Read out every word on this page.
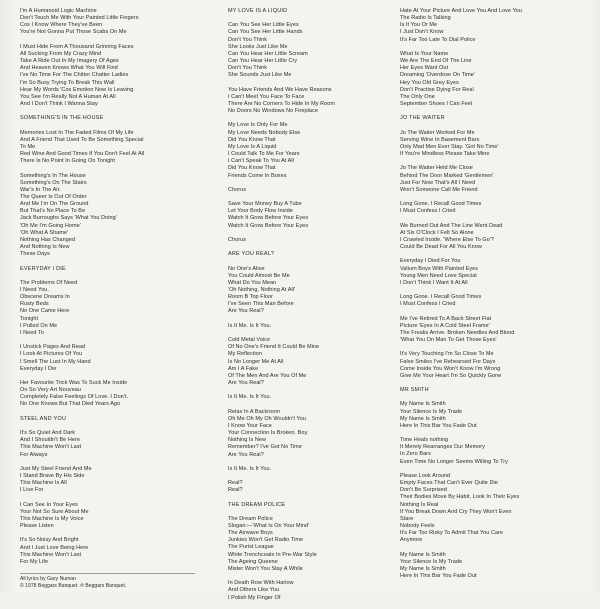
I'm A Humanoid Logic Machine
Don't Touch Me With Your Painted Little Fingers
Cos I Know Where They've Been
You're Not Gonna Put Those Scabs On Me
I Must Hide From A Thousand Grinning Faces
All Sucking From My Crazy Mind
Take A Ride Out In My Imagery Of Ages
And Heaven Knows What You Will Find
I've No Time For The Chitter Chatter Ladies
I'm So Busy Trying To Break This Wall
Hear My Words 'Cos Emotion Now Is Leaving
You See I'm Really Not A Human At All
And I Don't Think I Wanna Stay
SOMETHING'S IN THE HOUSE
Memories Lost In The Faded Films Of My Life
And A Friend That Used To Be Something Special
To Me
Red Wine And Good Times If You Don't Feel At All
There Is No Point In Going On Tonight
Something's In The House
Something's On The Stairs
War's In The Air.
The Queer Is Out Of Order
And Me I'm On The Ground
But That's No Place To Be
Jack Burroughs Says 'What You Doing'
'Oh Me I'm Going Home'
'Oh What A Shame'
Nothing Has Changed
And Nothing Is New
These Days
EVERYDAY I DIE
The Problems Of Need
I Need You.
Obscene Dreams In
Rusty Beds
No One Came Here
Tonight
I Pulled On Me
I Need To
I Unstick Pages And Read
I Look At Pictures Of You
I Smell The Lust In My Hand
Everyday I Die
Her Favourite Trick Was To Suck Me Inside
On So Very Art Nouveau
Completely False Feelings Of Love. I Don't.
No One Knows But That Died Years Ago
STEEL AND YOU
It's So Quiet And Dark
And I Shouldn't Be Here
This Machine Won't Last
For Always
Just My Steel Friend And Me
I Stand Brave By His Side
This Machine Is All
I Live For
I Can See In Your Eyes
Your Not So Sure About Me
This Machine Is My Voice
Please Listen
It's So Noisy And Bright
And I Just Love Being Here
This Machine Won't Last
For My Life
All lyrics by Gary Numan
© 1978 Beggars Banquet. ℗ Beggars Banquet.
MY LOVE IS A LIQUID
Can You See Her Little Eyes
Can You See Her Little Hands
Don't You Think
She Looks Just Like Me
Can You Hear Her Little Scream
Can You Hear Her Little Cry
Don't You Think
She Sounds Just Like Me
You Have Friends And We Have Reasons
I Can't Meet You Face To Face
There Are No Corners To Hide In My Room
No Doors No Windows No Fireplace
My Love Is Only For Me
My Love Needs Nobody Else
Did You Know That
My Love Is A Liquid
I Could Talk To Me For Years
I Can't Speak To You At All
Did You Know That
Friends Come In Boxes
Chorus
Save Your Money Buy A Tube
Let Your Body Flow Inside
Watch It Grow Before Your Eyes
Watch It Grow Before Your Eyes
Chorus
ARE YOU REAL?
No One's Alive
You Could Almost Be Me
What Do You Mean
'Oh Nothing, Nothing At All'
Room B Top Floor
I've Seen This Man Before
Are You Real?
Is It Me. Is It You.
Cold Metal Voice
Of No One's Friend It Could Be Mine
My Reflection
Is No Longer Me At All
Am I A Fake
Of The Men And Are You Of Me
Are You Real?
Is It Me. Is It You.
Relax In A Backroom
Oh Me Oh My Oh Wouldn't You
I Know Your Face
Your Connection Is Broken. Boy.
Nothing Is New
Remember? I've Got No Time
Are You Real?
Is It Me. Is It You.
Real?
Real?
THE DREAM POLICE
The Dream Police
Slogan:—'What Is On Your Mind'
The Airwave Boys
Junkies Won't Get Radio Time
The Purist League
White Trenchcoats In Pre-War Style
The Ageing Queene
Mister Won't You Stay A While
In Death Row With Harlow
And Others Like You
I Polish My Finger Of
Hate At Your Picture And Love You And Love You
The Radio Is Talking
Is It You Or Me
I Just Don't Know
It's Far Too Late To Dial Police
What Is Your Name
We Are The End Of The Line
Her Eyes Want Out
Dreaming 'Overdose On Time'
Hey You Old Grey Eyes
Don't Practise Dying For Real
The Only One
September Shoes I Can Feel
JO THE WAITER
Jo The Waiter Worked For Me
Serving Wine In Basement Bars
Only Mad Men Ever Stay. 'Got No Time'
If You're Mindless Please Take Mine
Jo The Waiter Held Me Close
Behind The Door Marked 'Gentlemen'
Just For Now That's All I Need
Won't Someone Call Me Friend
Long Gone. I Recall Good Times
I Must Confess I Cried
We Burned Out And The Line Went Dead
At Six O'Clock I Felt So Alone
I Crawled Inside. 'Where Else To Go'?
Could Be Dead For All You Know
Everyday I Died For You
Valium Boys With Painted Eyes
Young Men Need Love Special
I Don't Think I Want It At All
Long Gone. I Recall Good Times
I Must Confess I Cried
Me I've Retired To A Back Street Flat
Picture 'Eyes In A Cold Steel Frame'
The Freaks Arrive. Broken Needles And Blood
'What You On Man To Get Those Eyes'
It's Very Touching I'm So Close To Me
False Smiles I've Rehearsed For Days
Come Inside You Won't Know I'm Wrong
Give Me Your Heart I'm So Quickly Gone
MR SMITH
My Name Is Smith
Your Silence Is My Trade
My Name Is Smith
Here In This Bar You Fade Out
Time Heals nothing
It Merely Rearranges Our Memory
In Zero Bars
Even Time No Longer Seems Willing To Try
Please Look Around
Empty Faces That Can't Ever Quite Die
Don't Be Surprised
Their Bodies Move By Habit, Look In Their Eyes
Nothing Is Real
If You Break Down And Cry They Won't Even
Stare
Nobody Feels
It's Far Too Risky To Admit That You Care
Anymore
My Name Is Smith
Your Silence Is My Trade
My Name Is Smith
Here In This Bar You Fade Out
